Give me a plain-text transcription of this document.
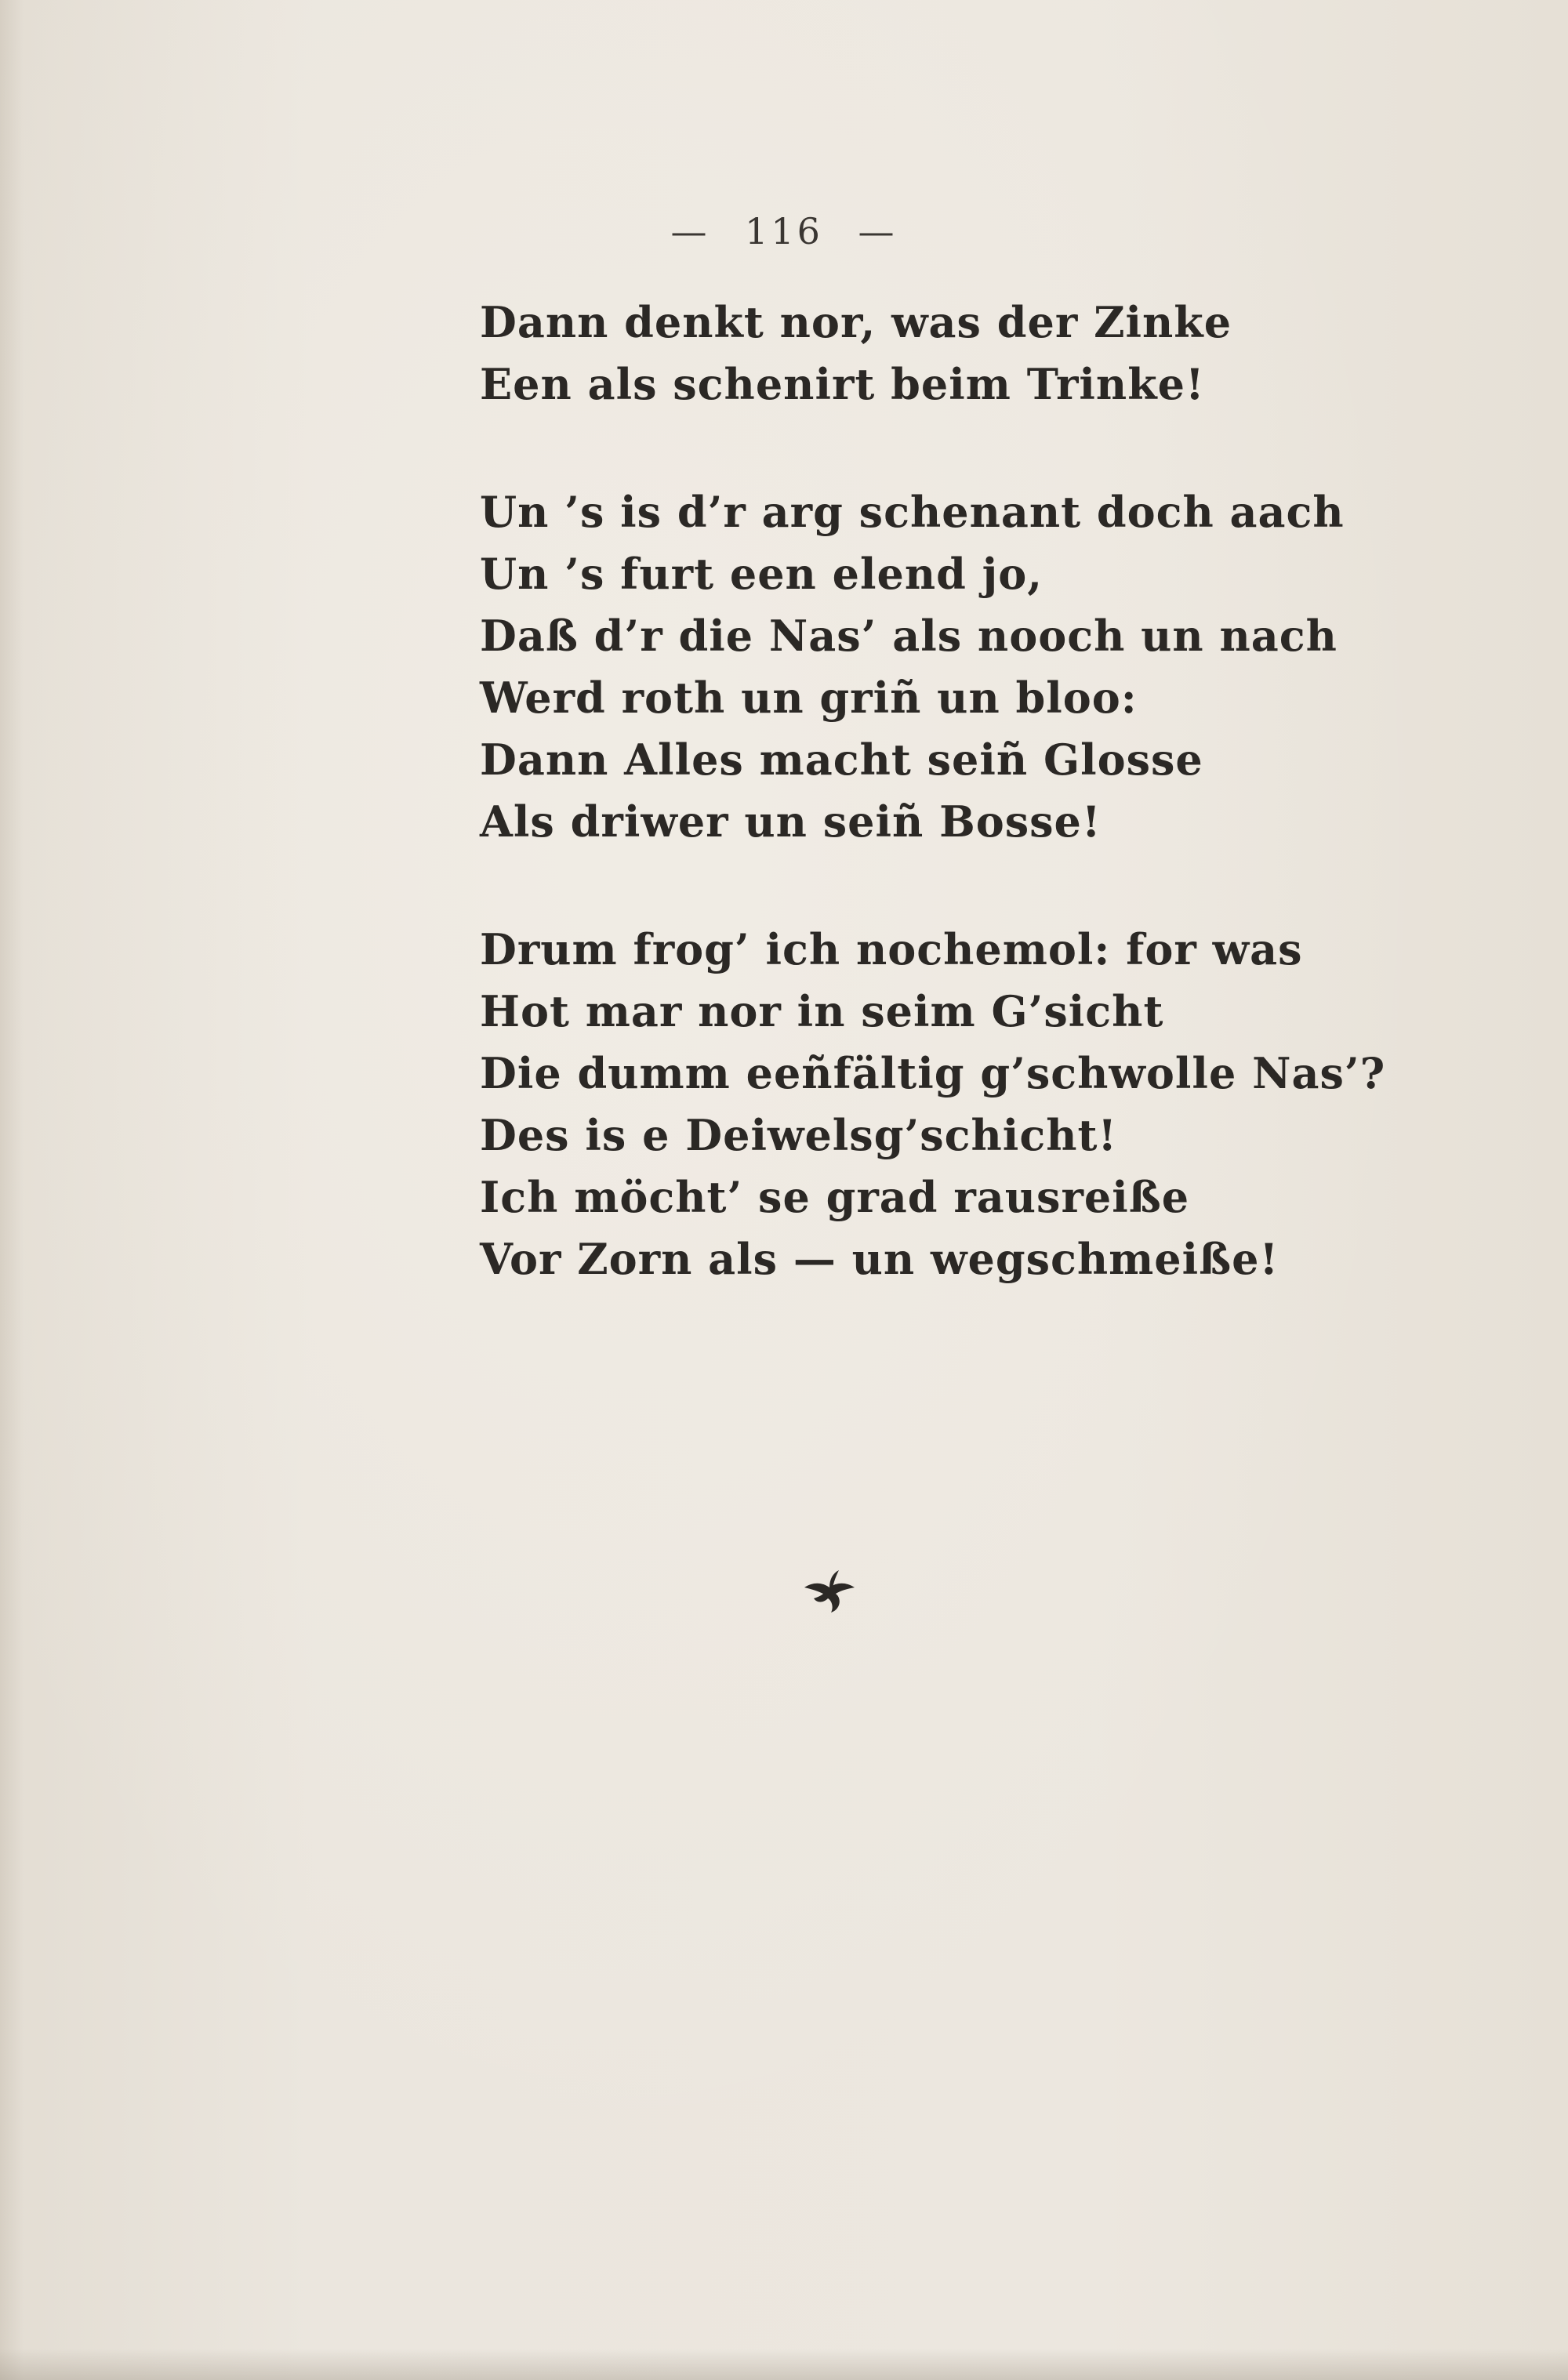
— 116 —
Dann denkt nor, was der Zinke
Een als schenirt beim Trinke!
Un ’s is d’r arg schenant doch aach
Un ’s furt een elend jo,
Daß d’r die Nas’ als nooch un nach
Werd roth un griñ un bloo:
Dann Alles macht seiñ Glosse
Als driwer un seiñ Bosse!
Drum frog’ ich nochemol: for was
Hot mar nor in seim G’sicht
Die dumm eeñfältig g’schwolle Nas’?
Des is e Deiwelsg’schicht!
Ich möcht’ se grad rausreiße
Vor Zorn als — un wegschmeiße!
